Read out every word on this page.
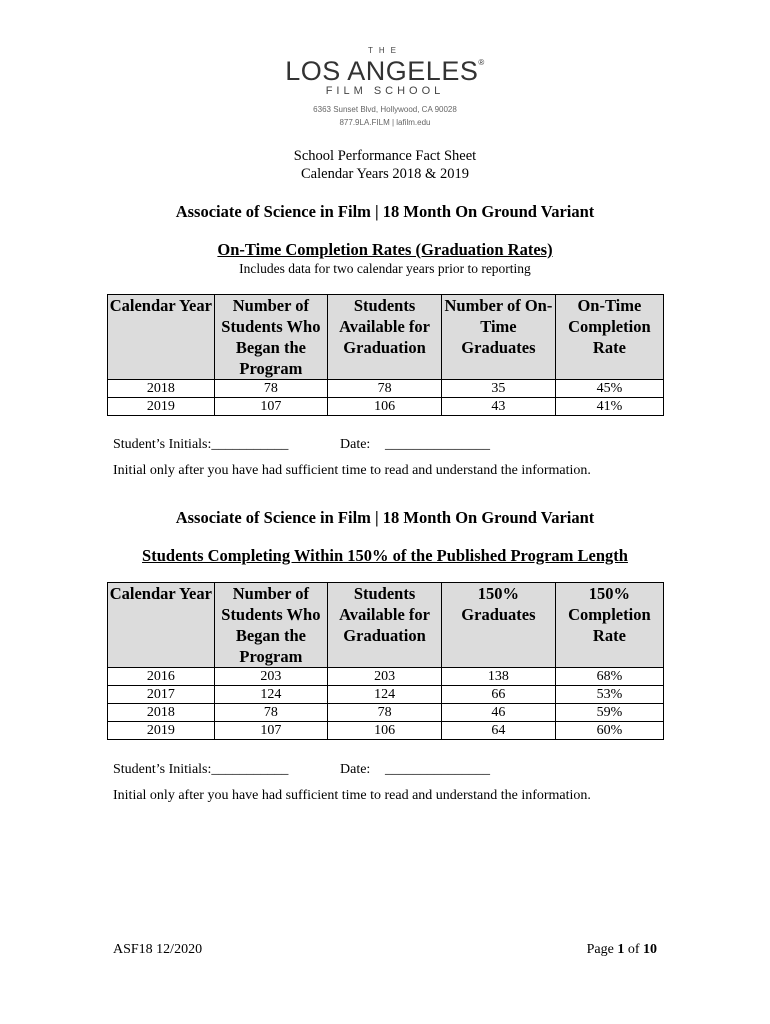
THE
LOS ANGELES®
FILM SCHOOL
6363 Sunset Blvd, Hollywood, CA 90028
877.9LA.FILM | lafilm.edu
School Performance Fact Sheet
Calendar Years 2018 & 2019
Associate of Science in Film | 18 Month On Ground Variant
On-Time Completion Rates (Graduation Rates)
Includes data for two calendar years prior to reporting
Calendar Year	Number of Students Who Began the Program	Students Available for Graduation	Number of On-Time Graduates	On-Time Completion Rate
2018	78	78	35	45%
2019	107	106	43	41%
Student’s Initials:___________	Date: _______________
Initial only after you have had sufficient time to read and understand the information.
Associate of Science in Film | 18 Month On Ground Variant
Students Completing Within 150% of the Published Program Length
Calendar Year	Number of Students Who Began the Program	Students Available for Graduation	150% Graduates	150% Completion Rate
2016	203	203	138	68%
2017	124	124	66	53%
2018	78	78	46	59%
2019	107	106	64	60%
Student’s Initials:___________	Date: _______________
Initial only after you have had sufficient time to read and understand the information.
ASF18 12/2020	Page 1 of 10
